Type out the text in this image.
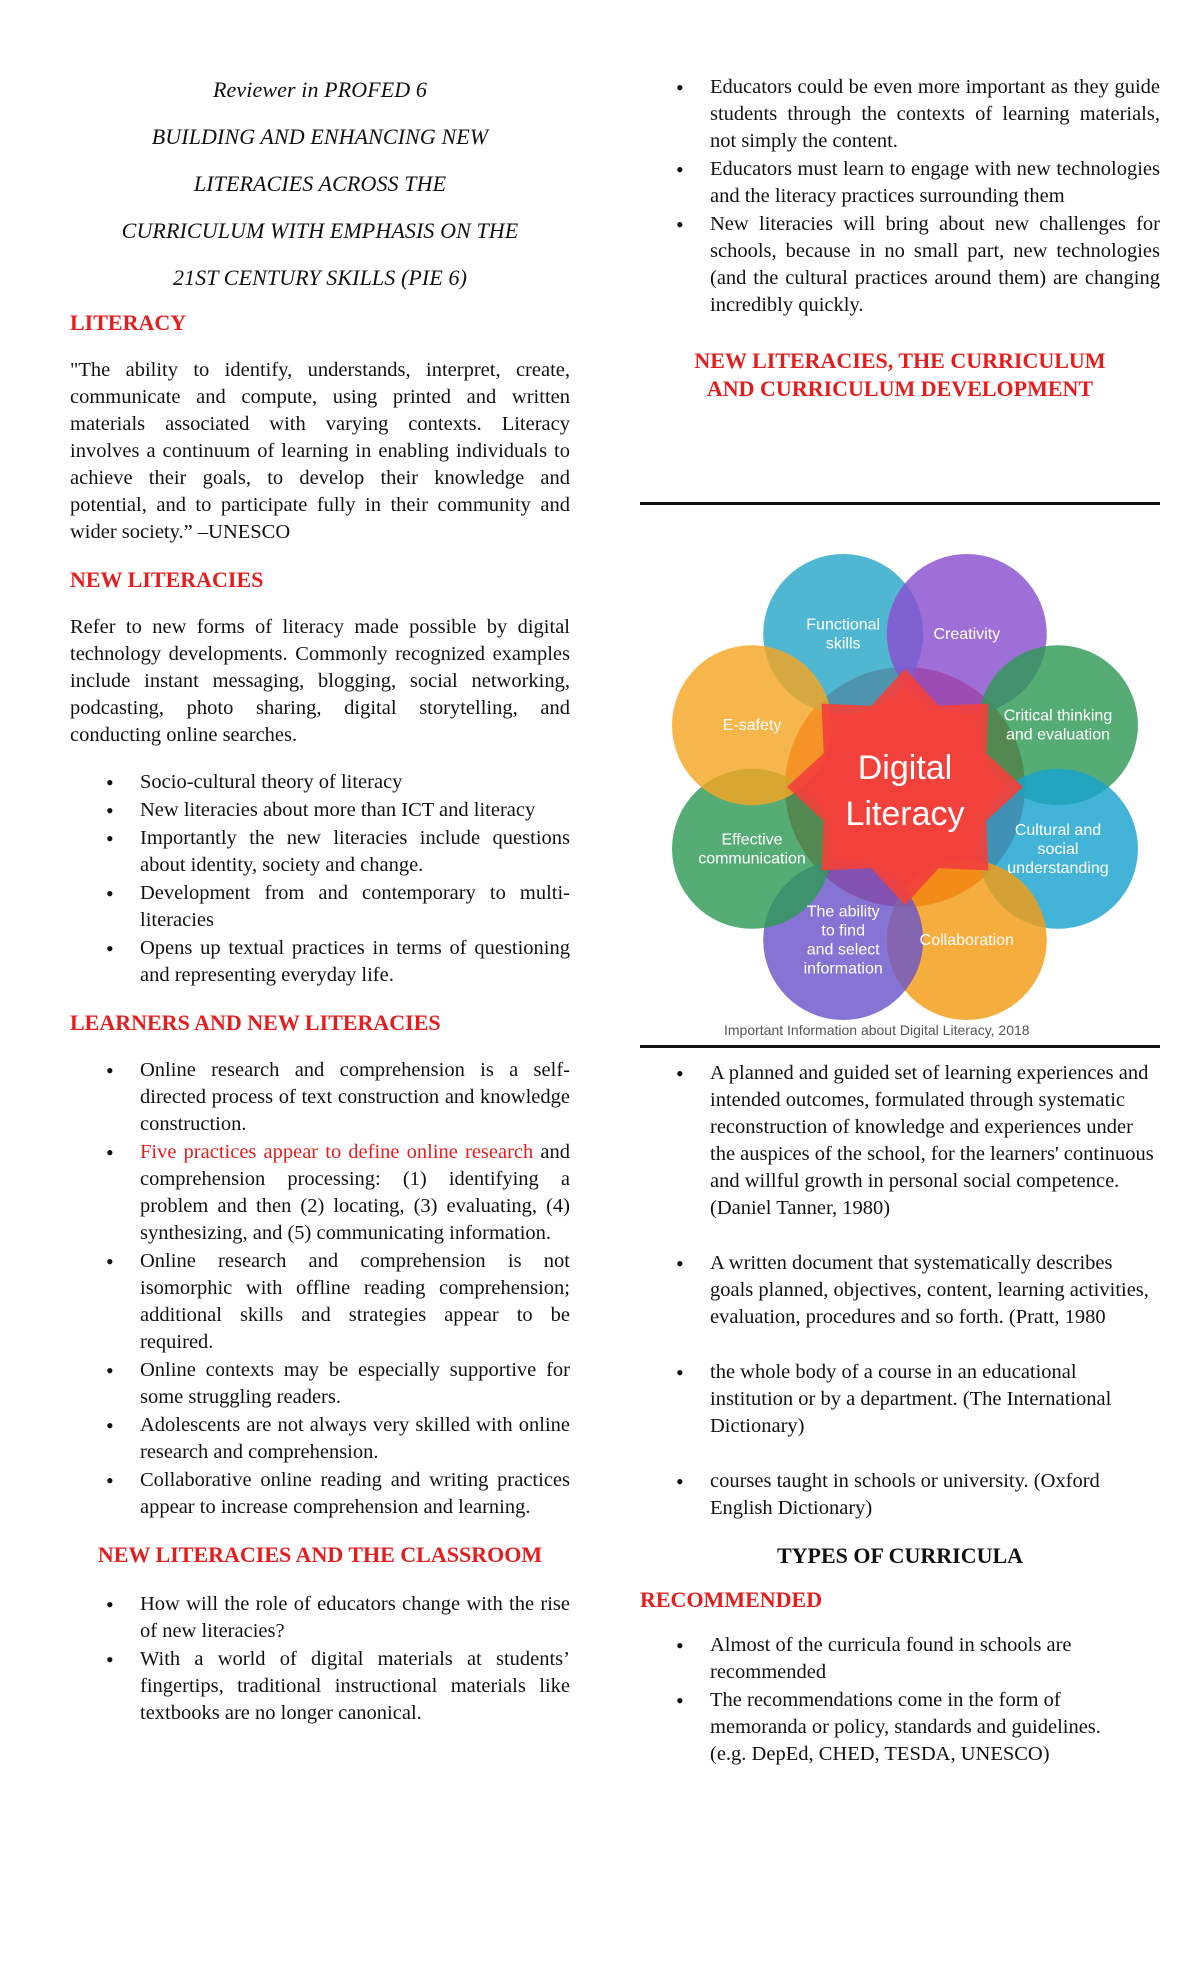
Reviewer in PROFED 6

BUILDING AND ENHANCING NEW

LITERACIES ACROSS THE

CURRICULUM WITH EMPHASIS ON THE

21ST CENTURY SKILLS (PIE 6)

LITERACY

"The ability to identify, understands, interpret, create, communicate and compute, using printed and written materials associated with varying contexts. Literacy involves a continuum of learning in enabling individuals to achieve their goals, to develop their knowledge and potential, and to participate fully in their community and wider society.” –UNESCO

NEW LITERACIES

Refer to new forms of literacy made possible by digital technology developments. Commonly recognized examples include instant messaging, blogging, social networking, podcasting, photo sharing, digital storytelling, and conducting online searches.

• Socio-cultural theory of literacy
• New literacies about more than ICT and literacy
• Importantly the new literacies include questions about identity, society and change.
• Development from and contemporary to multi-literacies
• Opens up textual practices in terms of questioning and representing everyday life.
LEARNERS AND NEW LITERACIES
• Online research and comprehension is a self-directed process of text construction and knowledge construction.
• Five practices appear to define online research and comprehension processing: (1) identifying a problem and then (2) locating, (3) evaluating, (4) synthesizing, and (5) communicating information.
• Online research and comprehension is not isomorphic with offline reading comprehension; additional skills and strategies appear to be required.
• Online contexts may be especially supportive for some struggling readers.
• Adolescents are not always very skilled with online research and comprehension.
• Collaborative online reading and writing practices appear to increase comprehension and learning.
NEW LITERACIES AND THE CLASSROOM
• How will the role of educators change with the rise of new literacies?
• With a world of digital materials at students’ fingertips, traditional instructional materials like textbooks are no longer canonical.
• Educators could be even more important as they guide students through the contexts of learning materials, not simply the content.
• Educators must learn to engage with new technologies and the literacy practices surrounding them
• New literacies will bring about new challenges for schools, because in no small part, new technologies (and the cultural practices around them) are changing incredibly quickly.
NEW LITERACIES, THE CURRICULUM AND CURRICULUM DEVELOPMENT
Functional
skills
Creativity
Critical thinking
and evaluation
Cultural and
social
understanding
Collaboration
The ability
to find
and select
information
Effective
communication
E-safety
Digital
Literacy
Important Information about Digital Literacy, 2018
• A planned and guided set of learning experiences and intended outcomes, formulated through systematic reconstruction of knowledge and experiences under the auspices of the school, for the learners' continuous and willful growth in personal social competence. (Daniel Tanner, 1980)
• A written document that systematically describes goals planned, objectives, content, learning activities, evaluation, procedures and so forth. (Pratt, 1980
• the whole body of a course in an educational institution or by a department. (The International Dictionary)
• courses taught in schools or university. (Oxford English Dictionary)
TYPES OF CURRICULA
RECOMMENDED
• Almost of the curricula found in schools are recommended
• The recommendations come in the form of memoranda or policy, standards and guidelines.
(e.g. DepEd, CHED, TESDA, UNESCO)
